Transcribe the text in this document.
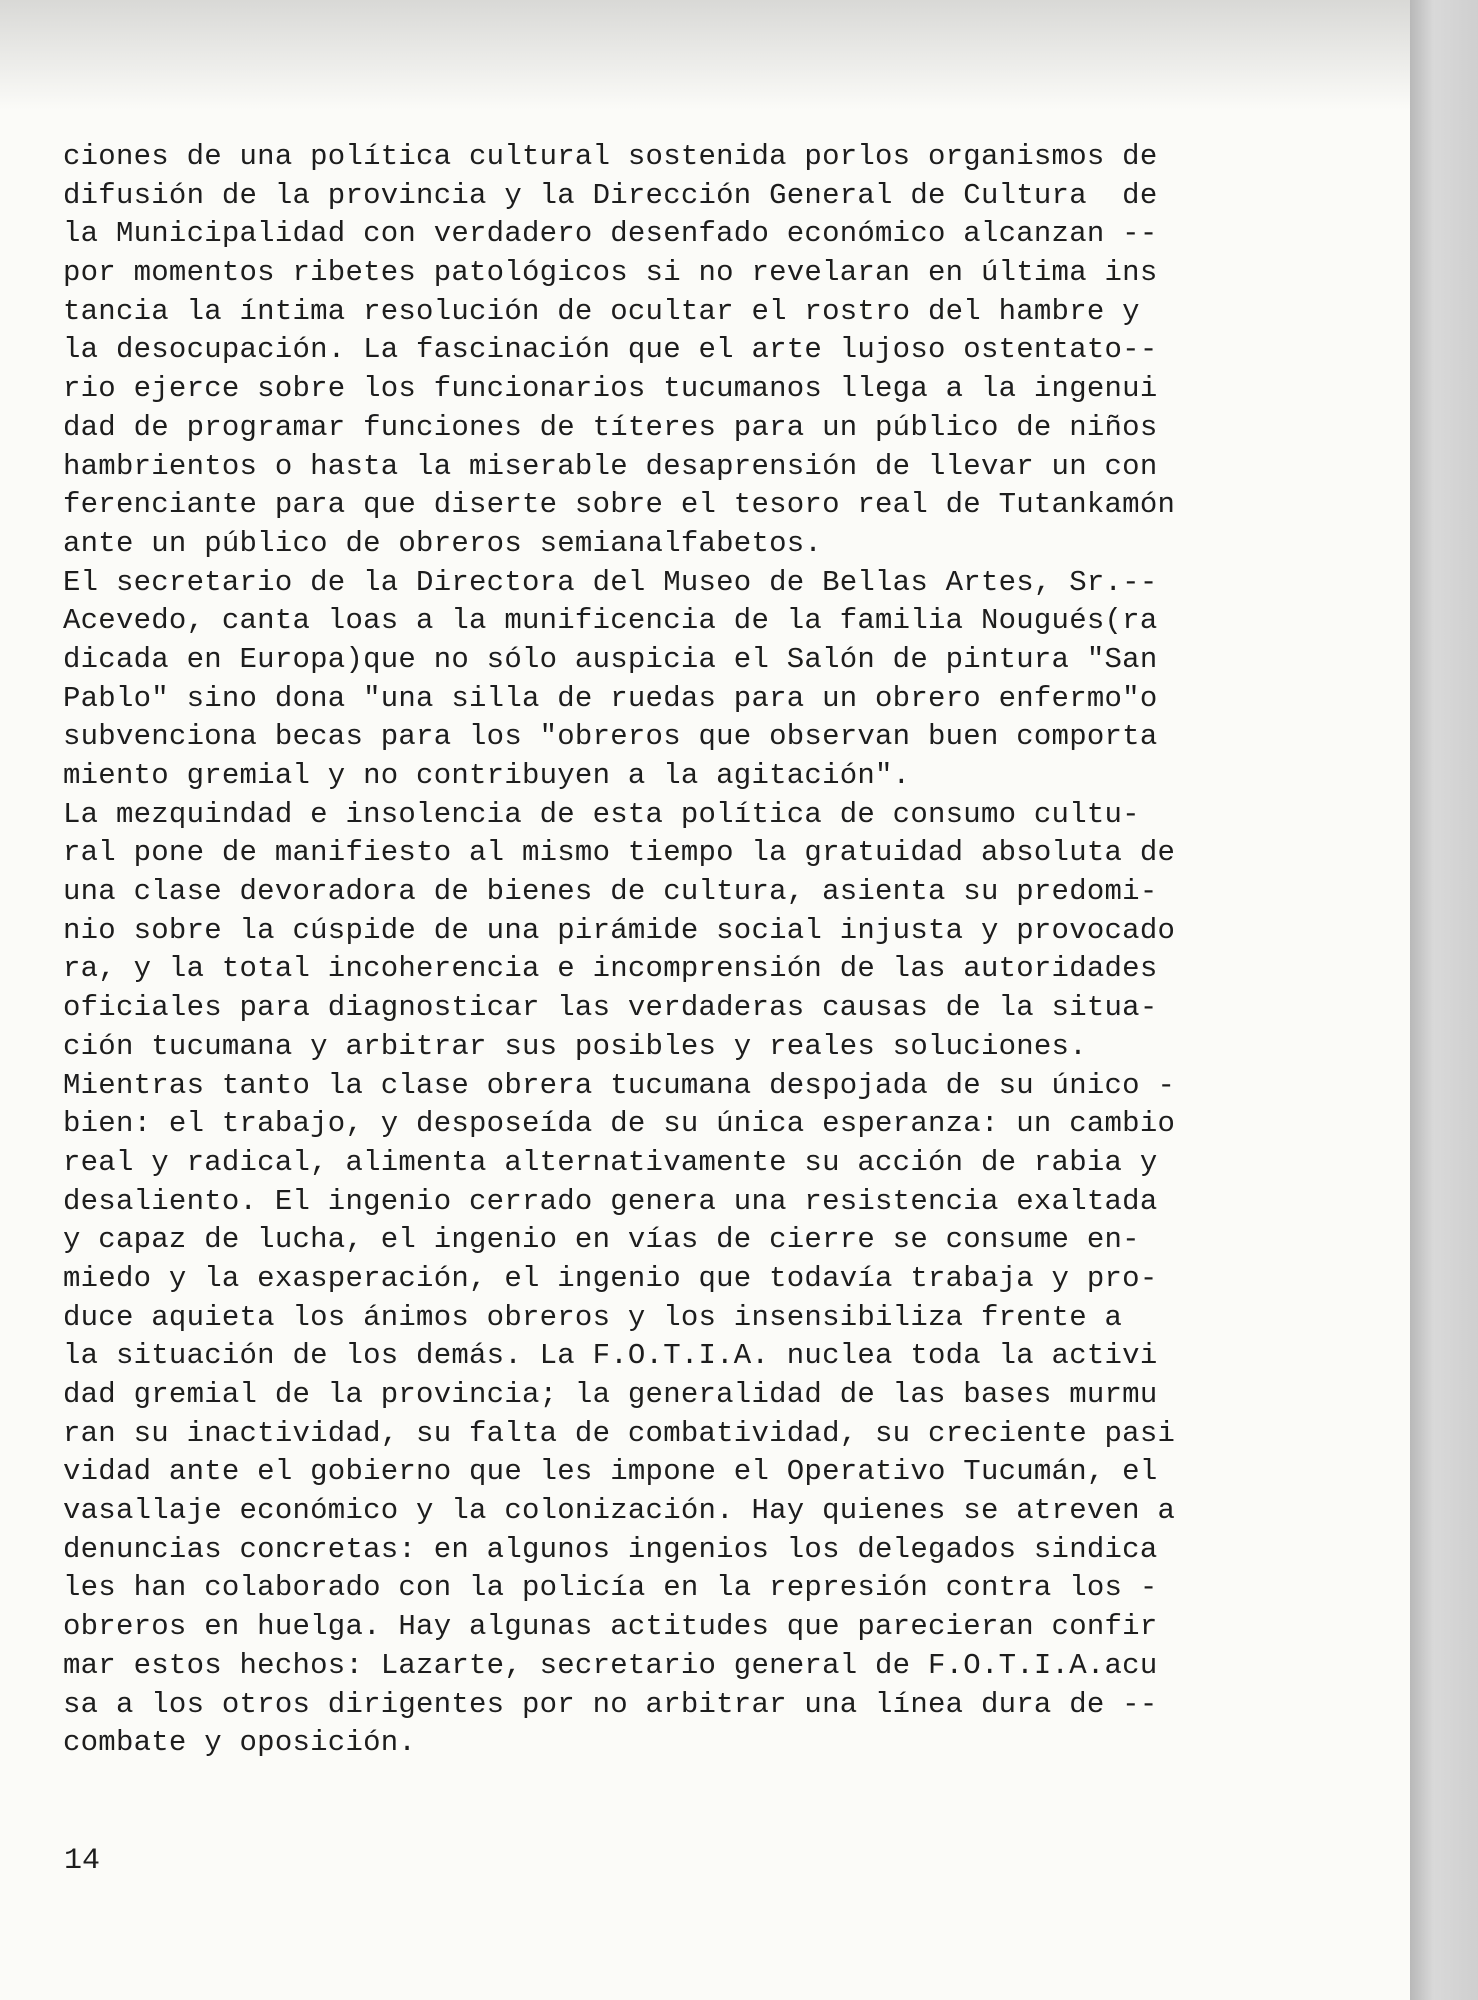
ciones de una política cultural sostenida porlos organismos de
difusión de la provincia y la Dirección General de Cultura  de
la Municipalidad con verdadero desenfado económico alcanzan --
por momentos ribetes patológicos si no revelaran en última ins
tancia la íntima resolución de ocultar el rostro del hambre y
la desocupación. La fascinación que el arte lujoso ostentato--
rio ejerce sobre los funcionarios tucumanos llega a la ingenui
dad de programar funciones de títeres para un público de niños
hambrientos o hasta la miserable desaprensión de llevar un con
ferenciante para que diserte sobre el tesoro real de Tutankamón
ante un público de obreros semianalfabetos.
El secretario de la Directora del Museo de Bellas Artes, Sr.--
Acevedo, canta loas a la munificencia de la familia Nougués(ra
dicada en Europa)que no sólo auspicia el Salón de pintura "San
Pablo" sino dona "una silla de ruedas para un obrero enfermo"o
subvenciona becas para los "obreros que observan buen comporta
miento gremial y no contribuyen a la agitación".
La mezquindad e insolencia de esta política de consumo cultu-
ral pone de manifiesto al mismo tiempo la gratuidad absoluta de
una clase devoradora de bienes de cultura, asienta su predomi-
nio sobre la cúspide de una pirámide social injusta y provocado
ra, y la total incoherencia e incomprensión de las autoridades
oficiales para diagnosticar las verdaderas causas de la situa-
ción tucumana y arbitrar sus posibles y reales soluciones.
Mientras tanto la clase obrera tucumana despojada de su único -
bien: el trabajo, y desposeída de su única esperanza: un cambio
real y radical, alimenta alternativamente su acción de rabia y
desaliento. El ingenio cerrado genera una resistencia exaltada
y capaz de lucha, el ingenio en vías de cierre se consume en-
miedo y la exasperación, el ingenio que todavía trabaja y pro-
duce aquieta los ánimos obreros y los insensibiliza frente a
la situación de los demás. La F.O.T.I.A. nuclea toda la activi
dad gremial de la provincia; la generalidad de las bases murmu
ran su inactividad, su falta de combatividad, su creciente pasi
vidad ante el gobierno que les impone el Operativo Tucumán, el
vasallaje económico y la colonización. Hay quienes se atreven a
denuncias concretas: en algunos ingenios los delegados sindica
les han colaborado con la policía en la represión contra los -
obreros en huelga. Hay algunas actitudes que parecieran confir
mar estos hechos: Lazarte, secretario general de F.O.T.I.A.acu
sa a los otros dirigentes por no arbitrar una línea dura de --
combate y oposición.
14
